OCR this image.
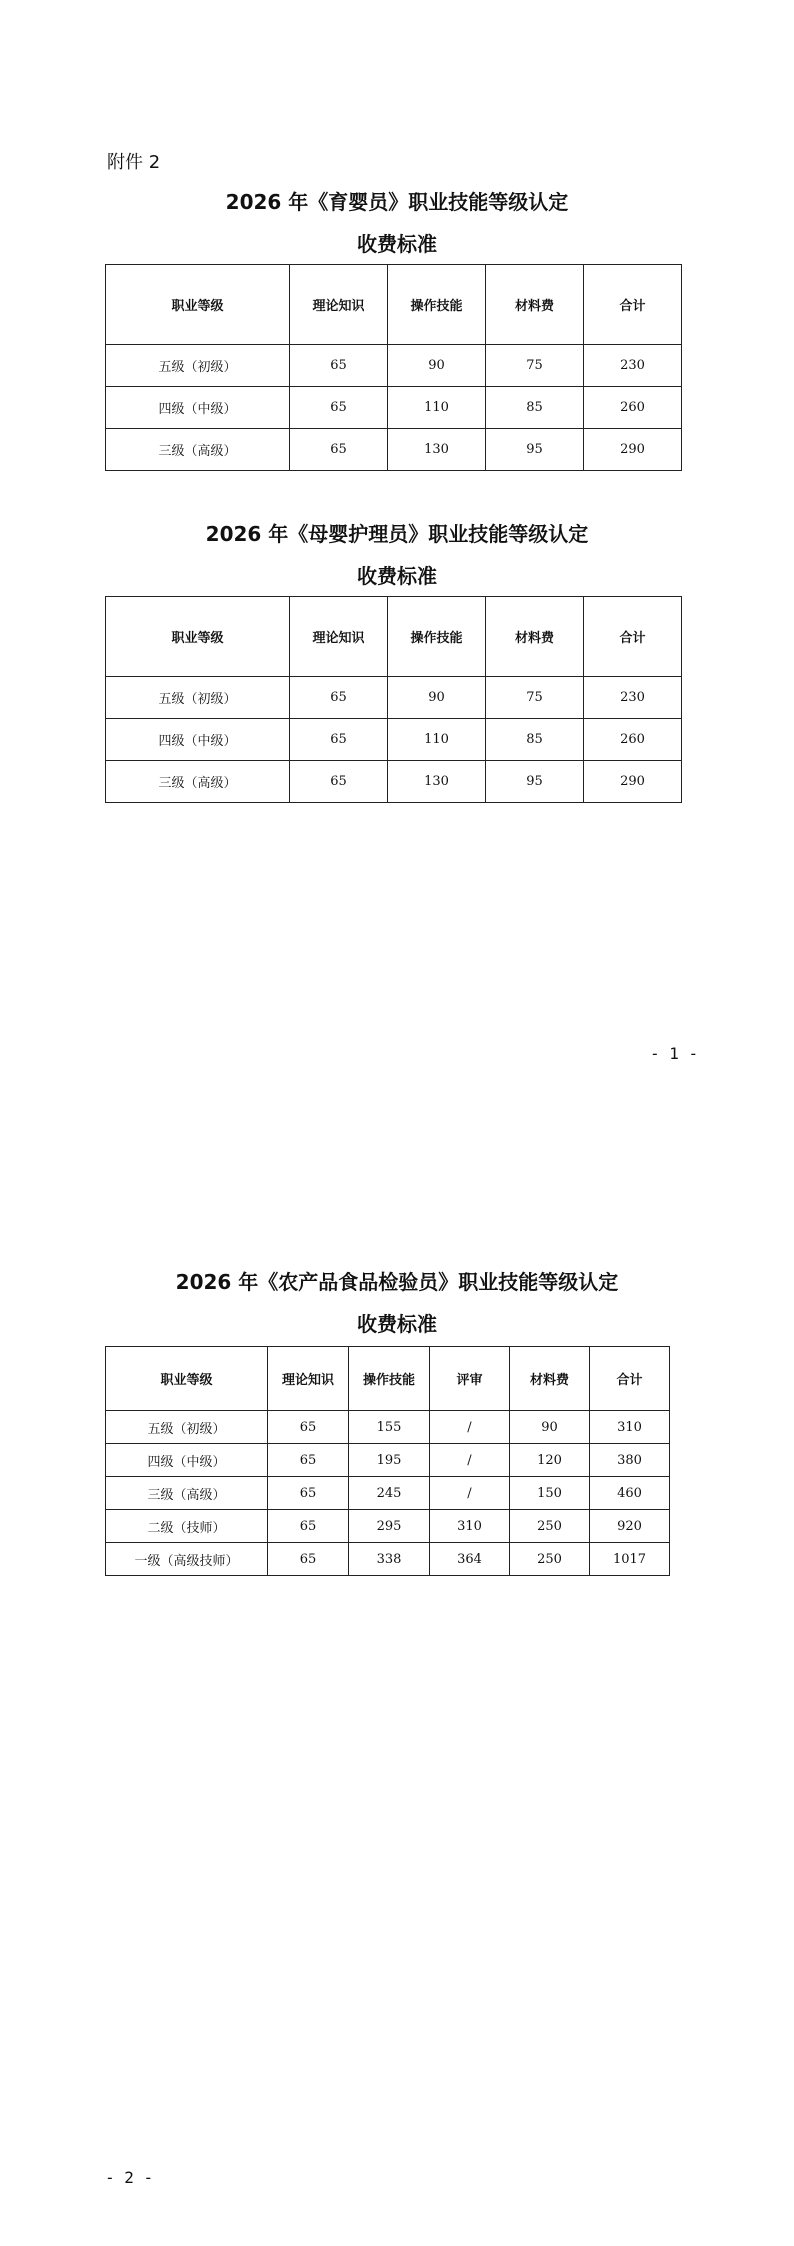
附件 2
2026 年《育婴员》职业技能等级认定
收费标准
职业等级	理论知识	操作技能	材料费	合计
五级（初级）	65	90	75	230
四级（中级）	65	110	85	260
三级（高级）	65	130	95	290
2026 年《母婴护理员》职业技能等级认定
收费标准
职业等级	理论知识	操作技能	材料费	合计
五级（初级）	65	90	75	230
四级（中级）	65	110	85	260
三级（高级）	65	130	95	290
- 1 -
2026 年《农产品食品检验员》职业技能等级认定
收费标准
职业等级	理论知识	操作技能	评审	材料费	合计
五级（初级）	65	155	/	90	310
四级（中级）	65	195	/	120	380
三级（高级）	65	245	/	150	460
二级（技师）	65	295	310	250	920
一级（高级技师）	65	338	364	250	1017
- 2 -
